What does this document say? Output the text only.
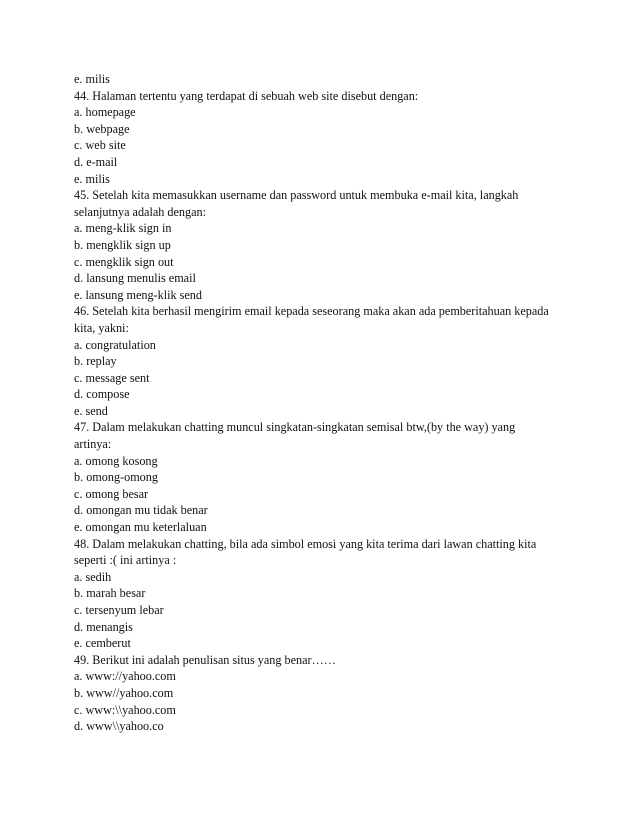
e. milis
44. Halaman tertentu yang terdapat di sebuah web site disebut dengan:
a. homepage
b. webpage
c. web site
d. e-mail
e. milis
45. Setelah kita memasukkan username dan password untuk membuka e-mail kita, langkah
selanjutnya adalah dengan:
a. meng-klik sign in
b. mengklik sign up
c. mengklik sign out
d. lansung menulis email
e. lansung meng-klik send
46. Setelah kita berhasil mengirim email kepada seseorang maka akan ada pemberitahuan kepada
kita, yakni:
a. congratulation
b. replay
c. message sent
d. compose
e. send
47. Dalam melakukan chatting muncul singkatan-singkatan semisal btw,(by the way) yang
artinya:
a. omong kosong
b. omong-omong
c. omong besar
d. omongan mu tidak benar
e. omongan mu keterlaluan
48. Dalam melakukan chatting, bila ada simbol emosi yang kita terima dari lawan chatting kita
seperti :( ini artinya :
a. sedih
b. marah besar
c. tersenyum lebar
d. menangis
e. cemberut
49. Berikut ini adalah penulisan situs yang benar……
a. www://yahoo.com
b. www//yahoo.com
c. www:\\yahoo.com
d. www\\yahoo.co
